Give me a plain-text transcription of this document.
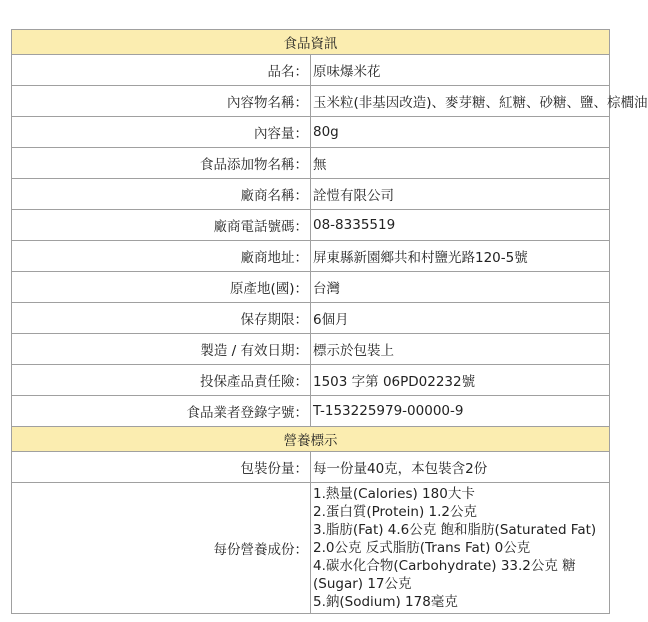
食品資訊	
品名：	原味爆米花
內容物名稱：	玉米粒(非基因改造)、麥芽糖、紅糖、砂糖、鹽、棕櫚油
內容量：	80g
食品添加物名稱：	無
廠商名稱：	詮愷有限公司
廠商電話號碼：	08-8335519
廠商地址：	屏東縣新園鄉共和村鹽光路120-5號
原產地(國)：	台灣
保存期限：	6個月
製造 / 有效日期：	標示於包裝上
投保產品責任險：	1503 字第 06PD02232號
食品業者登錄字號：	T-153225979-00000-9
營養標示	
包裝份量：	每一份量40克，本包裝含2份
每份營養成份：	1.熱量(Calories) 180大卡
2.蛋白質(Protein) 1.2公克
3.脂肪(Fat) 4.6公克 飽和脂肪(Saturated Fat) 2.0公克 反式脂肪(Trans Fat) 0公克
4.碳水化合物(Carbohydrate) 33.2公克 糖(Sugar) 17公克
5.鈉(Sodium) 178毫克
